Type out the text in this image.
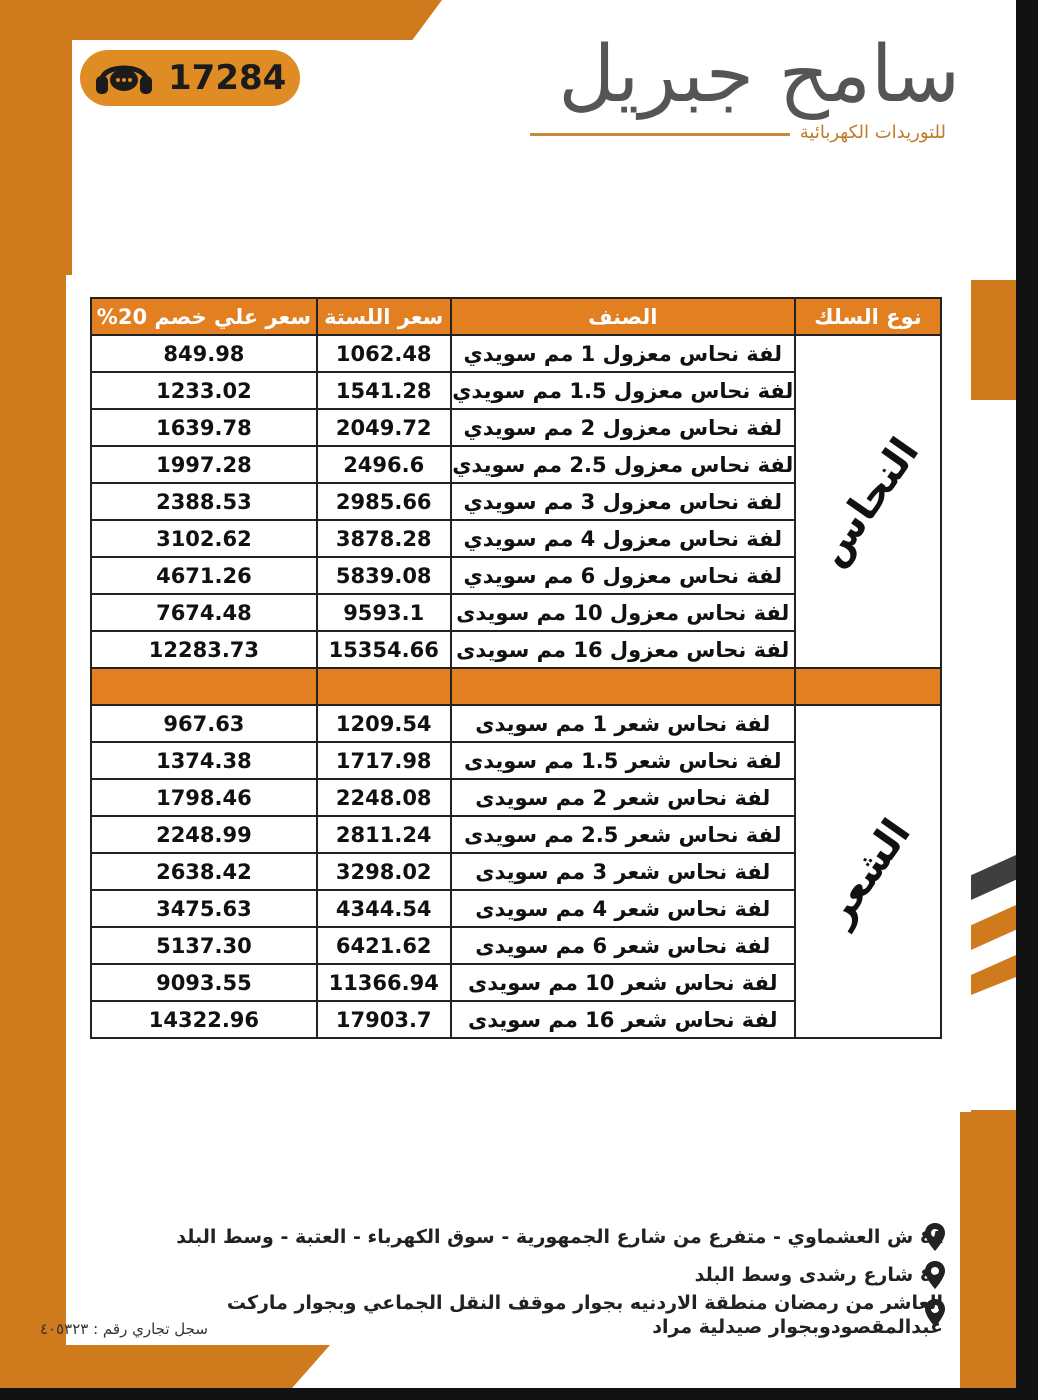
17284	سامح جبريل
للتوريدات الكهربائية
نوع السلك	الصنف	سعر اللستة	سعر علي خصم 20%
النحاس	لفة نحاس معزول 1 مم سويدي	1062.48	849.98
	لفة نحاس معزول 1.5 مم سويدي	1541.28	1233.02
	لفة نحاس معزول 2 مم سويدي	2049.72	1639.78
	لفة نحاس معزول 2.5 مم سويدي	2496.6	1997.28
	لفة نحاس معزول 3 مم سويدي	2985.66	2388.53
	لفة نحاس معزول 4 مم سويدي	3878.28	3102.62
	لفة نحاس معزول 6 مم سويدي	5839.08	4671.26
	لفة نحاس معزول 10 مم سويدى	9593.1	7674.48
	لفة نحاس معزول 16 مم سويدى	15354.66	12283.73

الشعر	لفة نحاس شعر 1 مم سويدى	1209.54	967.63
	لفة نحاس شعر 1.5 مم سويدى	1717.98	1374.38
	لفة نحاس شعر 2 مم سويدى	2248.08	1798.46
	لفة نحاس شعر 2.5 مم سويدى	2811.24	2248.99
	لفة نحاس شعر 3 مم سويدى	3298.02	2638.42
	لفة نحاس شعر 4 مم سويدى	4344.54	3475.63
	لفة نحاس شعر 6 مم سويدى	6421.62	5137.30
	لفة نحاس شعر 10 مم سويدى	11366.94	9093.55
	لفة نحاس شعر 16 مم سويدى	17903.7	14322.96
٤٨ ش العشماوي - متفرع من شارع الجمهورية - سوق الكهرباء - العتبة - وسط البلد
٤٠ شارع رشدى وسط البلد
العاشر من رمضان منطقة الاردنيه بجوار موقف النقل الجماعي وبجوار ماركت
عبدالمقصودوبجوار صيدلية مراد
سجل تجاري رقم : ٤٠٥٣٢٣
